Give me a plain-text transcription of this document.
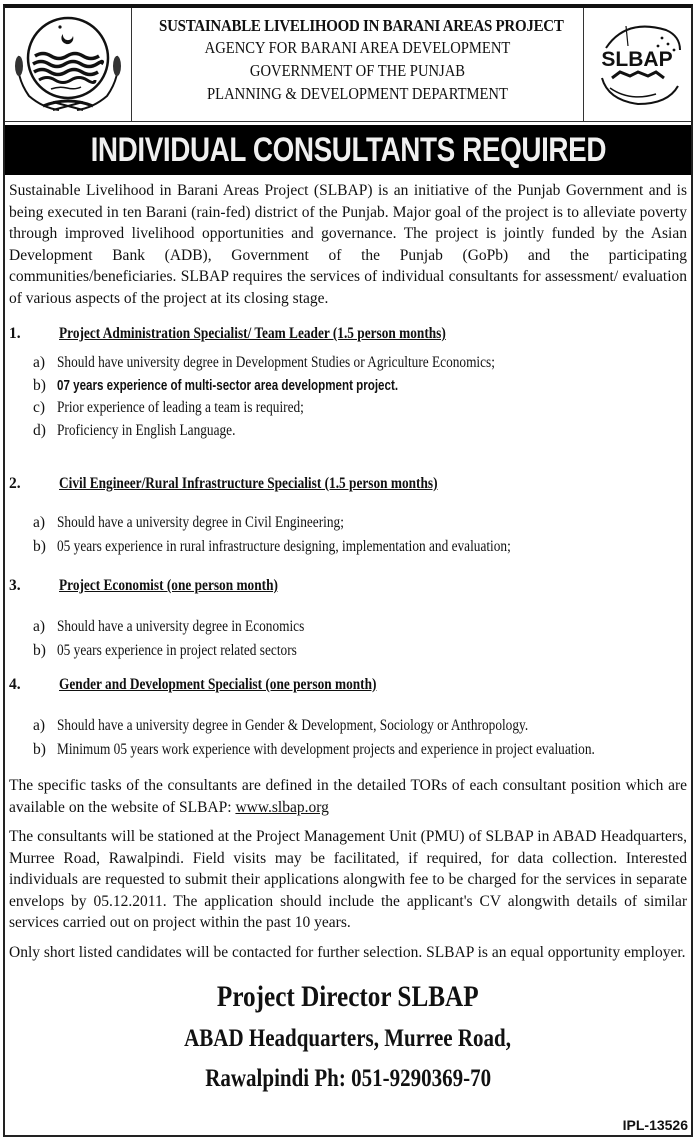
SUSTAINABLE LIVELIHOOD IN BARANI AREAS PROJECT
AGENCY FOR BARANI AREA DEVELOPMENT
GOVERNMENT OF THE PUNJAB
PLANNING & DEVELOPMENT DEPARTMENT
SLBAP
INDIVIDUAL CONSULTANTS REQUIRED
Sustainable Livelihood in Barani Areas Project (SLBAP) is an initiative of the Punjab Government and is being executed in ten Barani (rain-fed) district of the Punjab. Major goal of the project is to alleviate poverty through improved livelihood opportunities and governance. The project is jointly funded by the Asian Development Bank (ADB), Government of the Punjab (GoPb) and the participating communities/beneficiaries. SLBAP requires the services of individual consultants for assessment/ evaluation of various aspects of the project at its closing stage.
1. Project Administration Specialist/ Team Leader (1.5 person months)
a) Should have university degree in Development Studies or Agriculture Economics;
b) 07 years experience of multi-sector area development project.
c) Prior experience of leading a team is required;
d) Proficiency in English Language.
2. Civil Engineer/Rural Infrastructure Specialist (1.5 person months)
a) Should have a university degree in Civil Engineering;
b) 05 years experience in rural infrastructure designing, implementation and evaluation;
3. Project Economist (one person month)
a) Should have a university degree in Economics
b) 05 years experience in project related sectors
4. Gender and Development Specialist (one person month)
a) Should have a university degree in Gender & Development, Sociology or Anthropology.
b) Minimum 05 years work experience with development projects and experience in project evaluation.
The specific tasks of the consultants are defined in the detailed TORs of each consultant position which are available on the website of SLBAP: www.slbap.org
The consultants will be stationed at the Project Management Unit (PMU) of SLBAP in ABAD Headquarters, Murree Road, Rawalpindi. Field visits may be facilitated, if required, for data collection. Interested individuals are requested to submit their applications alongwith fee to be charged for the services in separate envelops by 05.12.2011. The application should include the applicant's CV alongwith details of similar services carried out on project within the past 10 years.
Only short listed candidates will be contacted for further selection. SLBAP is an equal opportunity employer.
Project Director SLBAP
ABAD Headquarters, Murree Road,
Rawalpindi Ph: 051-9290369-70
IPL-13526
